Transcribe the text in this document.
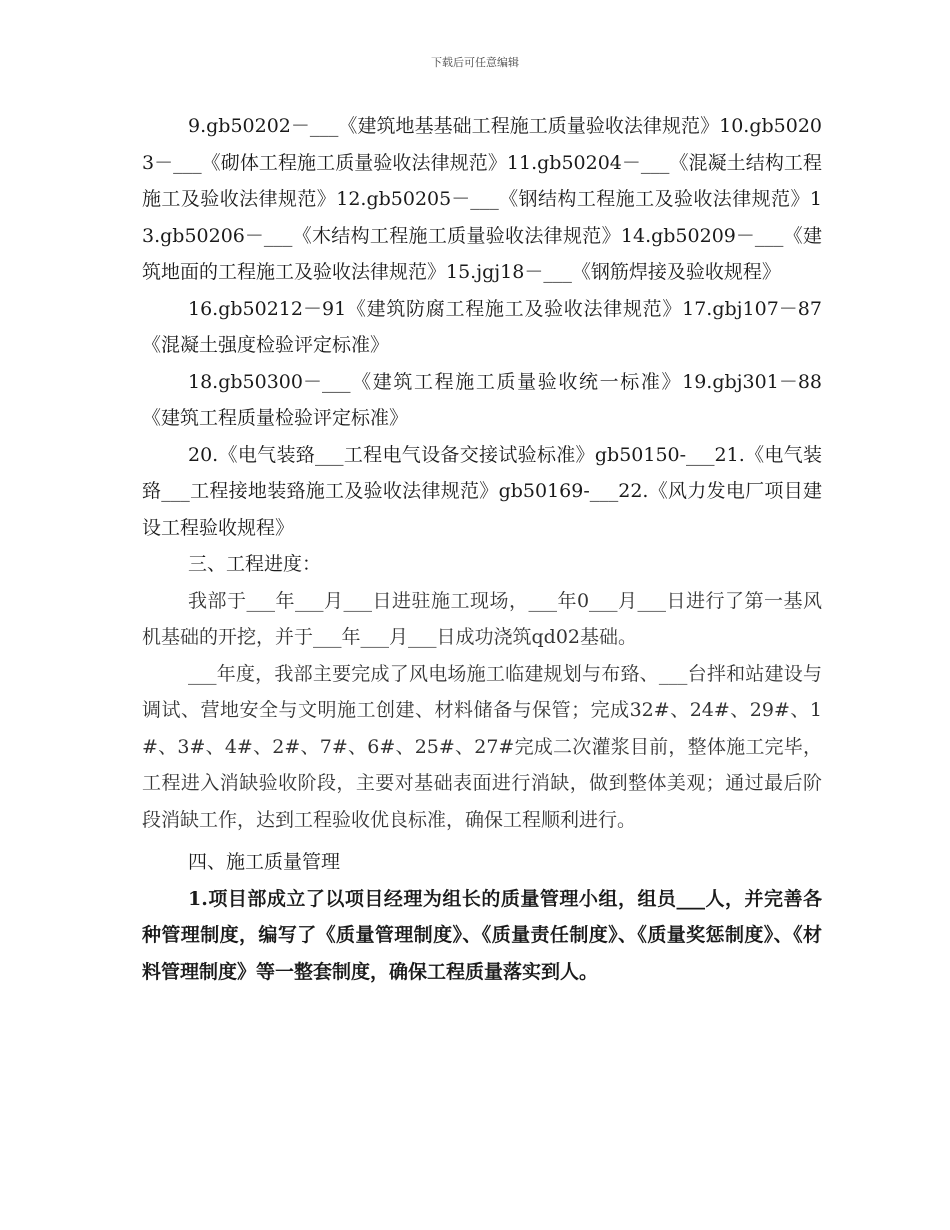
下载后可任意编辑

9.gb50202－___《建筑地基基础工程施工质量验收法律规范》10.gb50203－___《砌体工程施工质量验收法律规范》11.gb50204－___《混凝土结构工程施工及验收法律规范》12.gb50205－___《钢结构工程施工及验收法律规范》13.gb50206－___《木结构工程施工质量验收法律规范》14.gb50209－___《建筑地面的工程施工及验收法律规范》15.jgj18－___《钢筋焊接及验收规程》

16.gb50212－91《建筑防腐工程施工及验收法律规范》17.gbj107－87《混凝土强度检验评定标准》

18.gb50300－___《建筑工程施工质量验收统一标准》19.gbj301－88《建筑工程质量检验评定标准》

20.《电气装臵___工程电气设备交接试验标准》gb50150-___21.《电气装臵___工程接地装臵施工及验收法律规范》gb50169-___22.《风力发电厂项目建设工程验收规程》

三、工程进度：

我部于___年___月___日进驻施工现场，___年0___月___日进行了第一基风机基础的开挖，并于___年___月___日成功浇筑qd02基础。

___年度，我部主要完成了风电场施工临建规划与布臵、___台拌和站建设与调试、营地安全与文明施工创建、材料储备与保管；完成32#、24#、29#、1#、3#、4#、2#、7#、6#、25#、27#完成二次灌浆目前，整体施工完毕，工程进入消缺验收阶段，主要对基础表面进行消缺，做到整体美观；通过最后阶段消缺工作，达到工程验收优良标准，确保工程顺利进行。

四、施工质量管理

1.项目部成立了以项目经理为组长的质量管理小组，组员___人，并完善各种管理制度，编写了《质量管理制度》、《质量责任制度》、《质量奖惩制度》、《材料管理制度》等一整套制度，确保工程质量落实到人。
